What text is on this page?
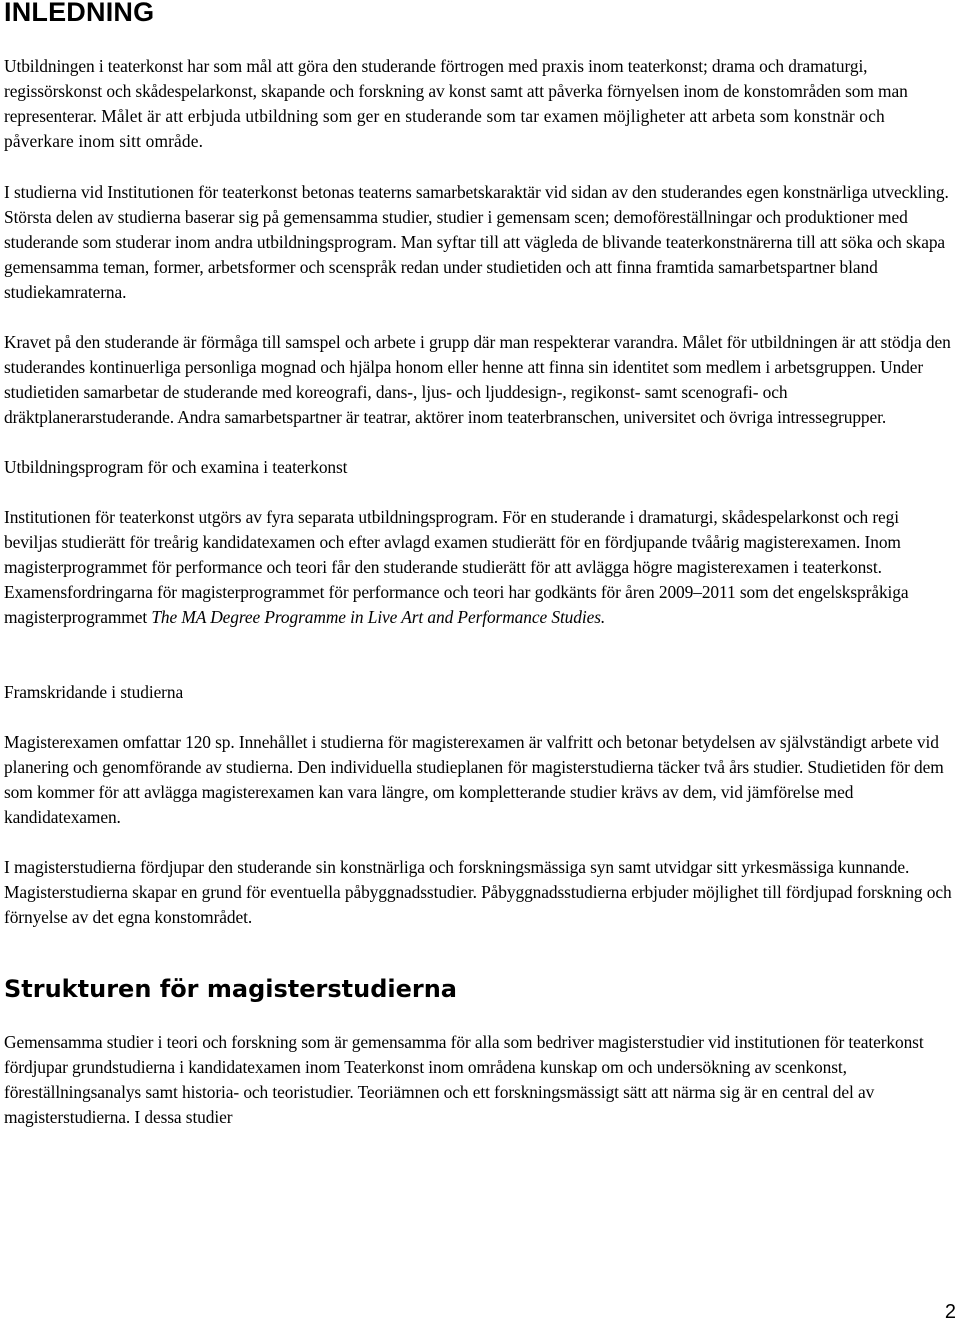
INLEDNING

Utbildningen i teaterkonst har som mål att göra den studerande förtrogen med praxis inom teaterkonst; drama och dramaturgi, regissörskonst och skådespelarkonst, skapande och forskning av konst samt att påverka förnyelsen inom de konstområden som man representerar. Målet är att erbjuda utbildning som ger en studerande som tar examen möjligheter att arbeta som konstnär och påverkare inom sitt område.

I studierna vid Institutionen för teaterkonst betonas teaterns samarbetskaraktär vid sidan av den studerandes egen konstnärliga utveckling. Största delen av studierna baserar sig på gemensamma studier, studier i gemensam scen; demoföreställningar och produktioner med studerande som studerar inom andra utbildningsprogram. Man syftar till att vägleda de blivande teaterkonstnärerna till att söka och skapa gemensamma teman, former, arbetsformer och scenspråk redan under studietiden och att finna framtida samarbetspartner bland studiekamraterna.

Kravet på den studerande är förmåga till samspel och arbete i grupp där man respekterar varandra. Målet för utbildningen är att stödja den studerandes kontinuerliga personliga mognad och hjälpa honom eller henne att finna sin identitet som medlem i arbetsgruppen. Under studietiden samarbetar de studerande med koreografi, dans-, ljus- och ljuddesign-, regikonst- samt scenografi- och dräktplanerarstuderande. Andra samarbetspartner är teatrar, aktörer inom teaterbranschen, universitet och övriga intressegrupper.

Utbildningsprogram för och examina i teaterkonst

Institutionen för teaterkonst utgörs av fyra separata utbildningsprogram. För en studerande i dramaturgi, skådespelarkonst och regi beviljas studierätt för treårig kandidatexamen och efter avlagd examen studierätt för en fördjupande tvåårig magisterexamen. Inom magisterprogrammet för performance och teori får den studerande studierätt för att avlägga högre magisterexamen i teaterkonst. Examensfordringarna för magisterprogrammet för performance och teori har godkänts för åren 2009–2011 som det engelskspråkiga magisterprogrammet The MA Degree Programme in Live Art and Performance Studies.

Framskridande i studierna

Magisterexamen omfattar 120 sp. Innehållet i studierna för magisterexamen är valfritt och betonar betydelsen av självständigt arbete vid planering och genomförande av studierna. Den individuella studieplanen för magisterstudierna täcker två års studier. Studietiden för dem som kommer för att avlägga magisterexamen kan vara längre, om kompletterande studier krävs av dem, vid jämförelse med kandidatexamen.

I magisterstudierna fördjupar den studerande sin konstnärliga och forskningsmässiga syn samt utvidgar sitt yrkesmässiga kunnande. Magisterstudierna skapar en grund för eventuella påbyggnadsstudier. Påbyggnadsstudierna erbjuder möjlighet till fördjupad forskning och förnyelse av det egna konstområdet.

Strukturen för magisterstudierna

Gemensamma studier i teori och forskning som är gemensamma för alla som bedriver magisterstudier vid institutionen för teaterkonst fördjupar grundstudierna i kandidatexamen inom Teaterkonst inom områdena kunskap om och undersökning av scenkonst, föreställningsanalys samt historia- och teoristudier. Teoriämnen och ett forskningsmässigt sätt att närma sig är en central del av magisterstudierna. I dessa studier

2
